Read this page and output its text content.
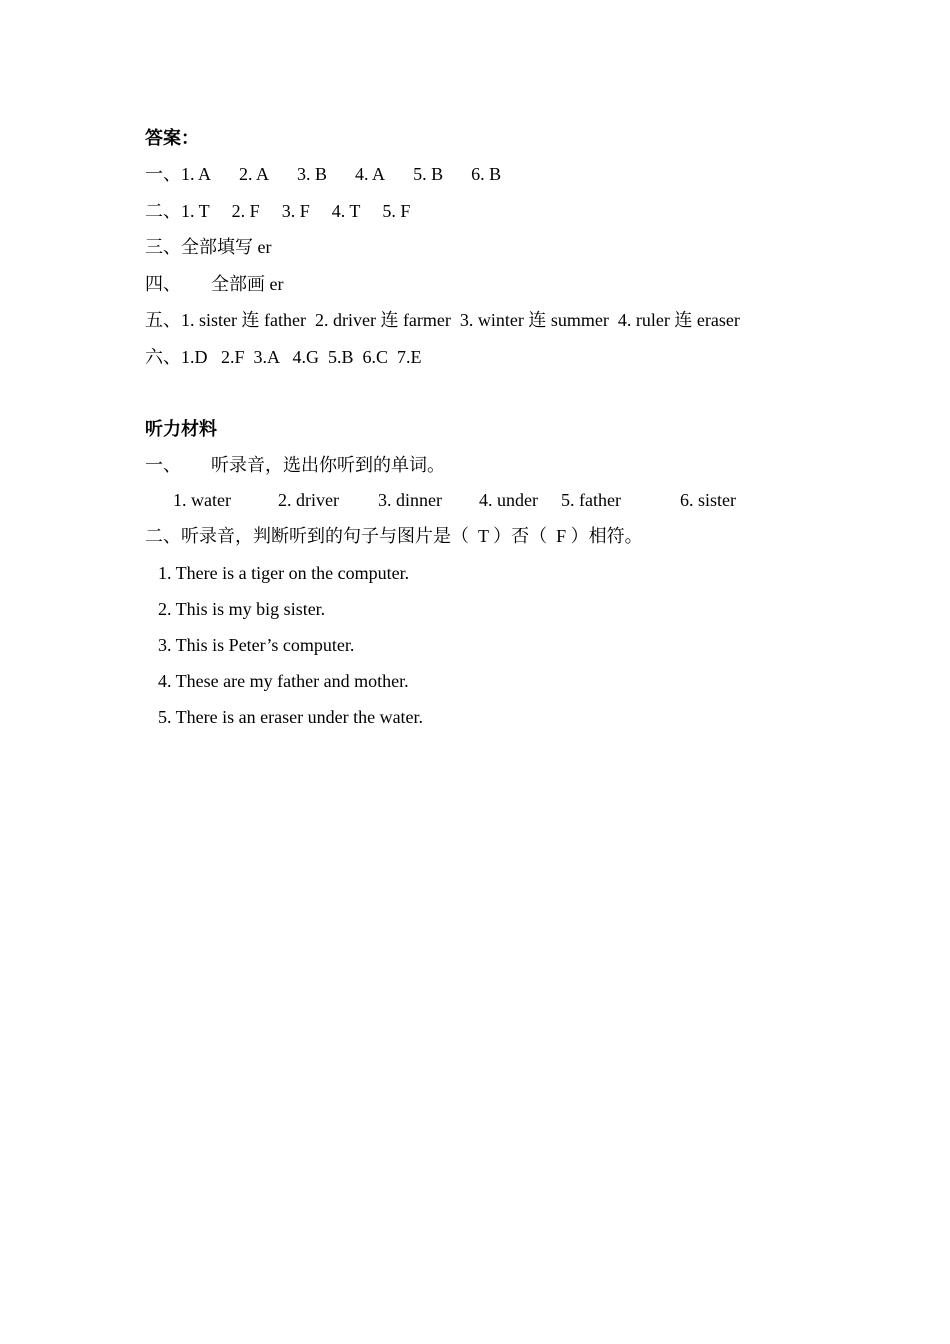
答案：
一、1. A 2. A 3. B 4. A 5. B 6. B
二、1. T 2. F 3. F 4. T 5. F
三、全部填写 er
四、 全部画 er
五、1. sister 连 father  2. driver 连 farmer  3. winter 连 summer  4. ruler 连 eraser
六、1.D   2.F  3.A   4.G  5.B  6.C  7.E
听力材料
一、 听录音，选出你听到的单词。
1. water	2. driver 3. dinner 4. under 5. father	6. sister
二、听录音，判断听到的句子与图片是（  T ）否（  F ）相符。
1. There is a tiger on the computer.
2. This is my big sister.
3. This is Peter’s computer.
4. These are my father and mother.
5. There is an eraser under the water.
